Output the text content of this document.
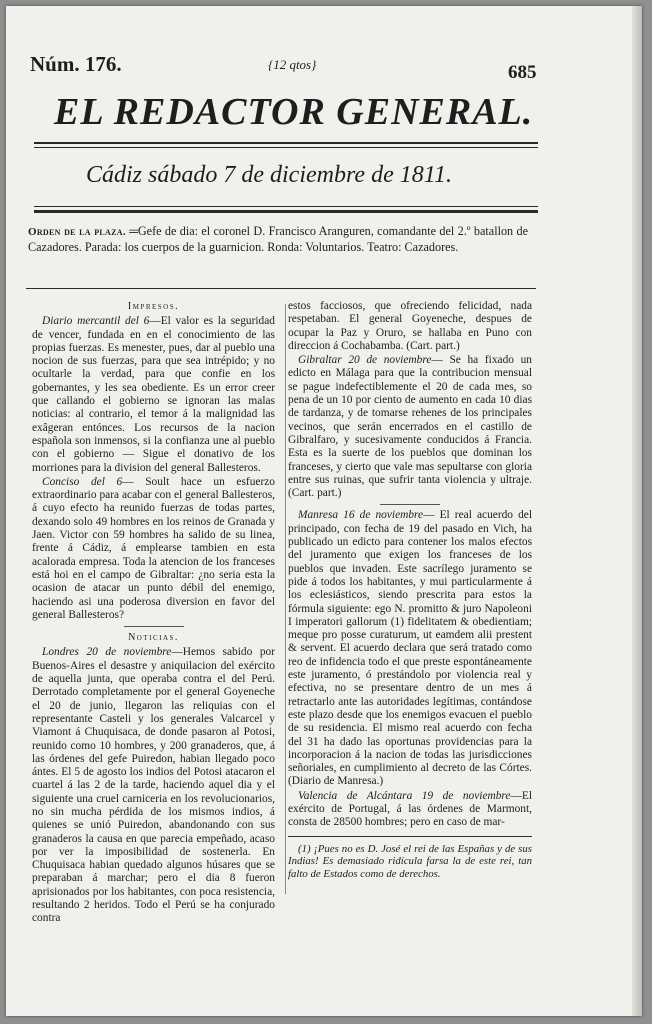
Núm. 176.	{12 qtos}	685
EL REDACTOR GENERAL.
Cádiz sábado 7 de diciembre de 1811.
Orden de la plaza. ═Gefe de dia: el coronel D. Francisco Aranguren, comandante del 2.º batallon de Cazadores. Parada: los cuerpos de la guarnicion. Ronda: Voluntarios. Teatro: Cazadores.
Impresos.

Diario mercantil del 6—El valor es la seguridad de vencer, fundada en en el conocimiento de las propias fuerzas. Es menester, pues, dar al pueblo una nocion de sus fuerzas, para que sea intrépido; y no ocultarle la verdad, para que confie en los gobernantes, y les sea obediente. Es un error creer que callando el gobierno se ignoran las malas noticias: al contrario, el temor á la malignidad las exâgeran entónces. Los recursos de la nacion española son inmensos, si la confianza une al pueblo con el gobierno — Sigue el donativo de los morriones para la division del general Ballesteros.

Conciso del 6— Soult hace un esfuerzo extraordinario para acabar con el general Ballesteros, á cuyo efecto ha reunido fuerzas de todas partes, dexando solo 49 hombres en los reinos de Granada y Jaen. Victor con 59 hombres ha salido de su linea, frente á Cádiz, á emplearse tambien en esta acalorada empresa. Toda la atencion de los franceses está hoi en el campo de Gibraltar: ¿no seria esta la ocasion de atacar un punto débil del enemigo, haciendo asi una poderosa diversion en favor del general Ballesteros?

Noticias.

Londres 20 de noviembre—Hemos sabido por Buenos-Aires el desastre y aniquilacion del exército de aquella junta, que operaba contra el del Perú. Derrotado completamente por el general Goyeneche el 20 de junio, llegaron las reliquias con el representante Casteli y los generales Valcarcel y Viamont á Chuquisaca, de donde pasaron al Potosi, reunido como 10 hombres, y 200 granaderos, que, á las órdenes del gefe Puiredon, habian llegado poco ántes. El 5 de agosto los indios del Potosi atacaron el cuartel á las 2 de la tarde, haciendo aquel dia y el siguiente una cruel carniceria en los revolucionarios, no sin mucha pérdida de los mismos indios, á quienes se unió Puiredon, abandonando con sus granaderos la causa en que parecia empeñado, acaso por ver la imposibilidad de sostenerla. En Chuquisaca habian quedado algunos húsares que se preparaban á marchar; pero el dia 8 fueron aprisionados por los habitantes, con poca resistencia, resultando 2 heridos. Todo el Perú se ha conjurado contra

estos facciosos, que ofreciendo felicidad, nada respetaban. El general Goyeneche, despues de ocupar la Paz y Oruro, se hallaba en Puno con direccion á Cochabamba. (Cart. part.)

Gibraltar 20 de noviembre— Se ha fixado un edicto en Málaga para que la contribucion mensual se pague indefectiblemente el 20 de cada mes, so pena de un 10 por ciento de aumento en cada 10 dias de tardanza, y de tomarse rehenes de los principales vecinos, que serán encerrados en el castillo de Gibralfaro, y sucesivamente conducidos á Francia. Esta es la suerte de los pueblos que dominan los franceses, y cierto que vale mas sepultarse con gloria entre sus ruinas, que sufrir tanta violencia y ultraje. (Cart. part.)

Manresa 16 de noviembre— El real acuerdo del principado, con fecha de 19 del pasado en Vich, ha publicado un edicto para contener los malos efectos del juramento que exigen los franceses de los pueblos que invaden. Este sacrílego juramento se pide á todos los habitantes, y mui particularmente á los eclesiásticos, siendo prescrita para estos la fórmula siguiente: ego N. promitto & juro Napoleoni I imperatori gallorum (1) fidelitatem & obedientiam; meque pro posse curaturum, ut eamdem alii prestent & servent. El acuerdo declara que será tratado como reo de infidencia todo el que preste espontáneamente este juramento, ó prestándolo por violencia real y efectiva, no se presentare dentro de un mes á retractarlo ante las autoridades legítimas, contándose este plazo desde que los enemigos evacuen el pueblo de su residencia. El mismo real acuerdo con fecha del 31 ha dado las oportunas providencias para la incorporacion á la nacion de todas las jurisdicciones señoriales, en cumplimiento al decreto de las Córtes. (Diario de Manresa.)

Valencia de Alcántara 19 de noviembre—El exército de Portugal, á las órdenes de Marmont, consta de 28500 hombres; pero en caso de mar-

(1) ¡Pues no es D. José el rei de las Españas y de sus Indias! Es demasiado ridícula farsa la de este rei, tan falto de Estados como de derechos.
